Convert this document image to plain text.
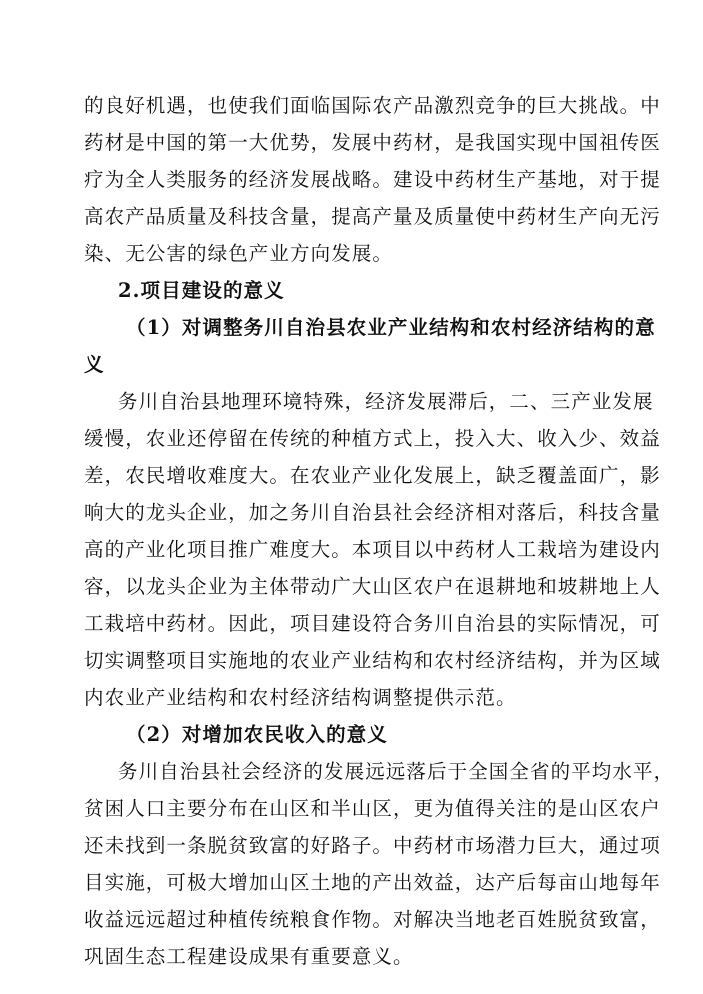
的良好机遇，也使我们面临国际农产品激烈竞争的巨大挑战。中
药材是中国的第一大优势，发展中药材，是我国实现中国祖传医
疗为全人类服务的经济发展战略。建设中药材生产基地，对于提
高农产品质量及科技含量，提高产量及质量使中药材生产向无污
染、无公害的绿色产业方向发展。
2.项目建设的意义
（1）对调整务川自治县农业产业结构和农村经济结构的意
义
务川自治县地理环境特殊，经济发展滞后，二、三产业发展
缓慢，农业还停留在传统的种植方式上，投入大、收入少、效益
差，农民增收难度大。在农业产业化发展上，缺乏覆盖面广，影
响大的龙头企业，加之务川自治县社会经济相对落后，科技含量
高的产业化项目推广难度大。本项目以中药材人工栽培为建设内
容，以龙头企业为主体带动广大山区农户在退耕地和坡耕地上人
工栽培中药材。因此，项目建设符合务川自治县的实际情况，可
切实调整项目实施地的农业产业结构和农村经济结构，并为区域
内农业产业结构和农村经济结构调整提供示范。
（2）对增加农民收入的意义
务川自治县社会经济的发展远远落后于全国全省的平均水平，
贫困人口主要分布在山区和半山区，更为值得关注的是山区农户
还未找到一条脱贫致富的好路子。中药材市场潜力巨大，通过项
目实施，可极大增加山区土地的产出效益，达产后每亩山地每年
收益远远超过种植传统粮食作物。对解决当地老百姓脱贫致富，
巩固生态工程建设成果有重要意义。
